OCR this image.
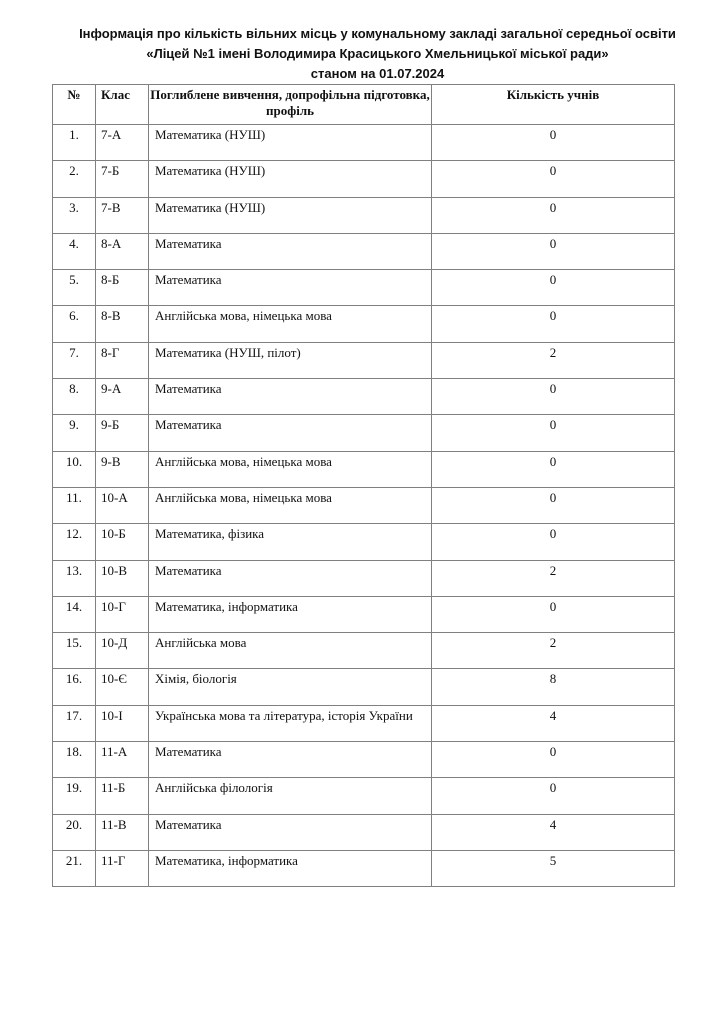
Інформація про кількість вільних місць у комунальному закладі загальної середньої освіти
«Ліцей №1 імені Володимира Красицького Хмельницької міської ради»
станом на 01.07.2024
№	Клас	Поглиблене вивчення, допрофільна підготовка, профіль	Кількість учнів
1.	7-А	Математика (НУШ)	0
2.	7-Б	Математика (НУШ)	0
3.	7-В	Математика (НУШ)	0
4.	8-А	Математика	0
5.	8-Б	Математика	0
6.	8-В	Англійська мова, німецька мова	0
7.	8-Г	Математика (НУШ, пілот)	2
8.	9-А	Математика	0
9.	9-Б	Математика	0
10.	9-В	Англійська мова, німецька мова	0
11.	10-А	Англійська мова, німецька мова	0
12.	10-Б	Математика, фізика	0
13.	10-В	Математика	2
14.	10-Г	Математика, інформатика	0
15.	10-Д	Англійська мова	2
16.	10-Є	Хімія, біологія	8
17.	10-І	Українська мова та література, історія України	4
18.	11-А	Математика	0
19.	11-Б	Англійська філологія	0
20.	11-В	Математика	4
21.	11-Г	Математика, інформатика	5
